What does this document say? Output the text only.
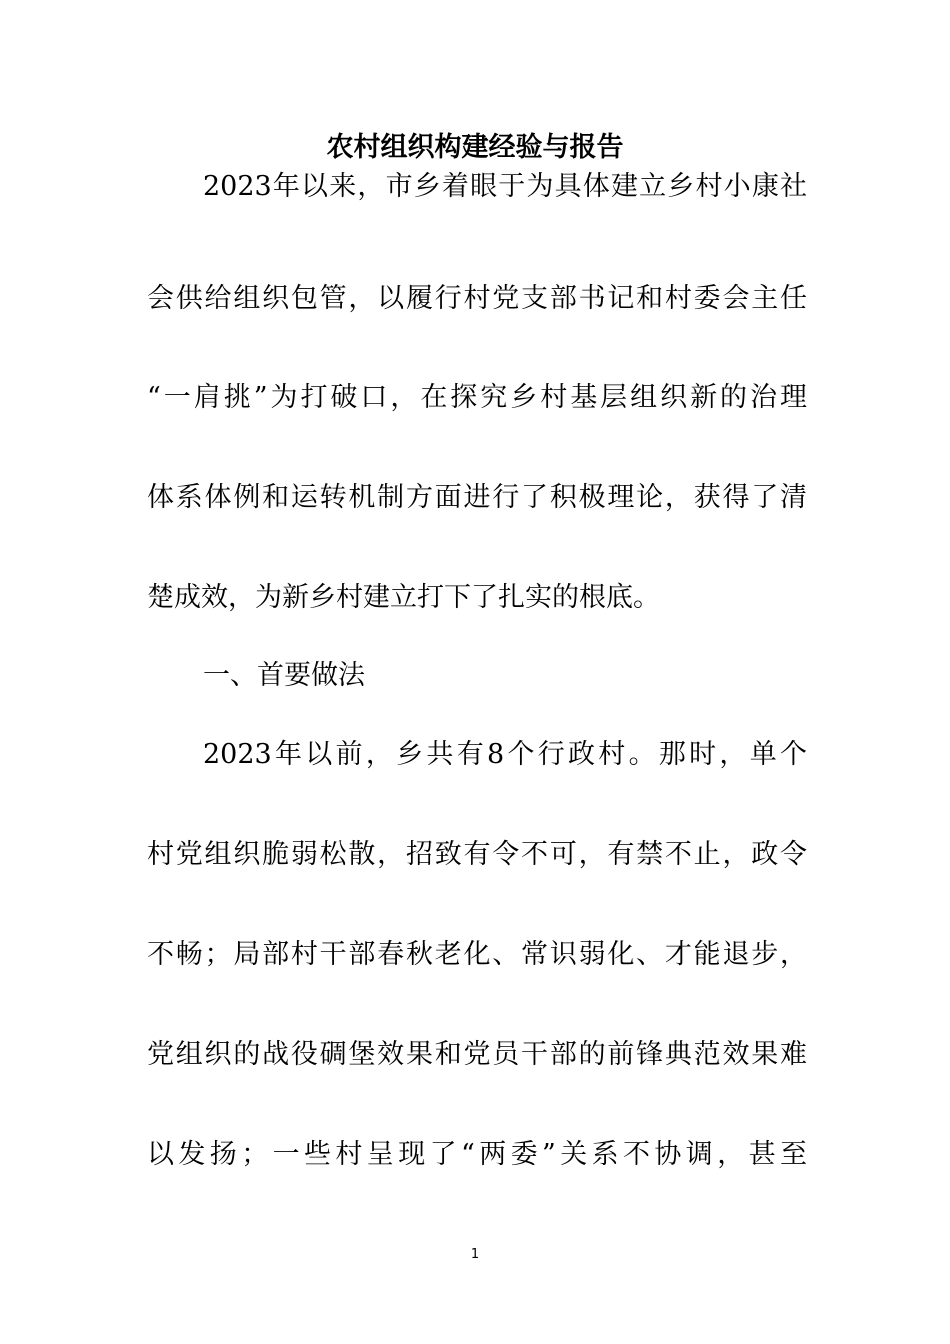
农村组织构建经验与报告

2023年以来，市乡着眼于为具体建立乡村小康社

会供给组织包管，以履行村党支部书记和村委会主任

“一肩挑”为打破口，在探究乡村基层组织新的治理

体系体例和运转机制方面进行了积极理论，获得了清

楚成效，为新乡村建立打下了扎实的根底。

一、首要做法

2023年以前，乡共有8个行政村。那时，单个

村党组织脆弱松散，招致有令不可，有禁不止，政令

不畅；局部村干部春秋老化、常识弱化、才能退步，

党组织的战役碉堡效果和党员干部的前锋典范效果难

以发扬；一些村呈现了“两委”关系不协调，甚至

1
